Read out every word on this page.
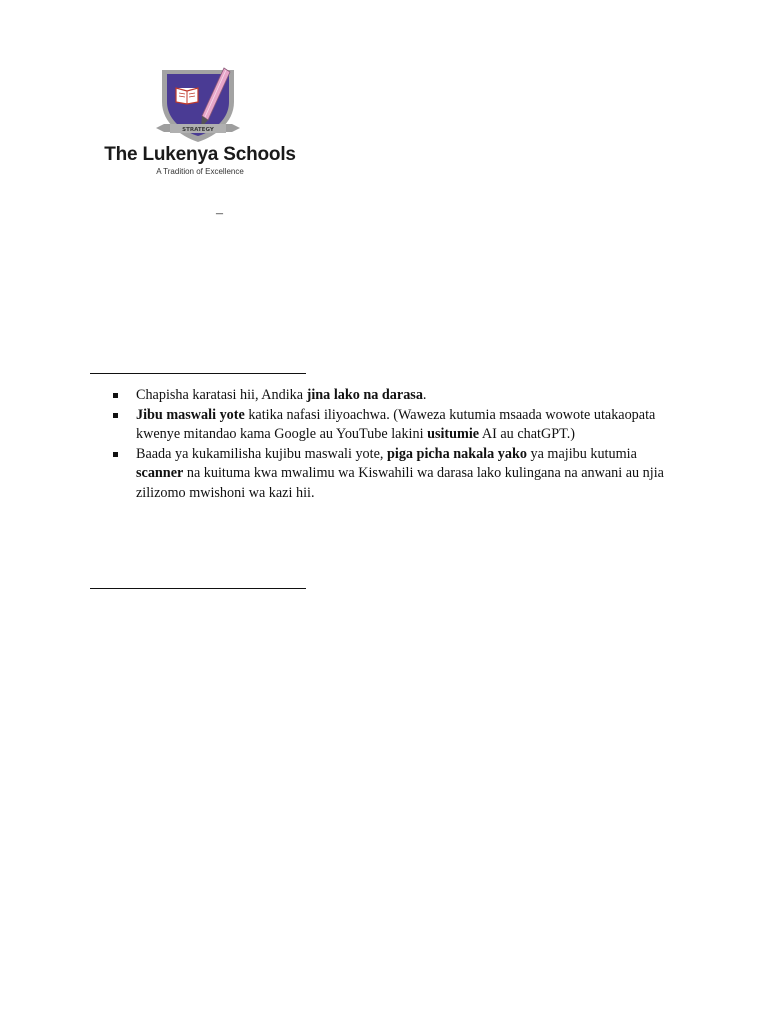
STRATEGY
The Lukenya Schools
A Tradition of Excellence
–
Chapisha karatasi hii, Andika jina lako na darasa.
Jibu maswali yote katika nafasi iliyoachwa. (Waweza kutumia msaada wowote utakaopata kwenye mitandao kama Google au YouTube lakini usitumie AI au chatGPT.)
Baada ya kukamilisha kujibu maswali yote, piga picha nakala yako ya majibu kutumia scanner na kuituma kwa mwalimu wa Kiswahili wa darasa lako kulingana na anwani au njia zilizomo mwishoni wa kazi hii.
